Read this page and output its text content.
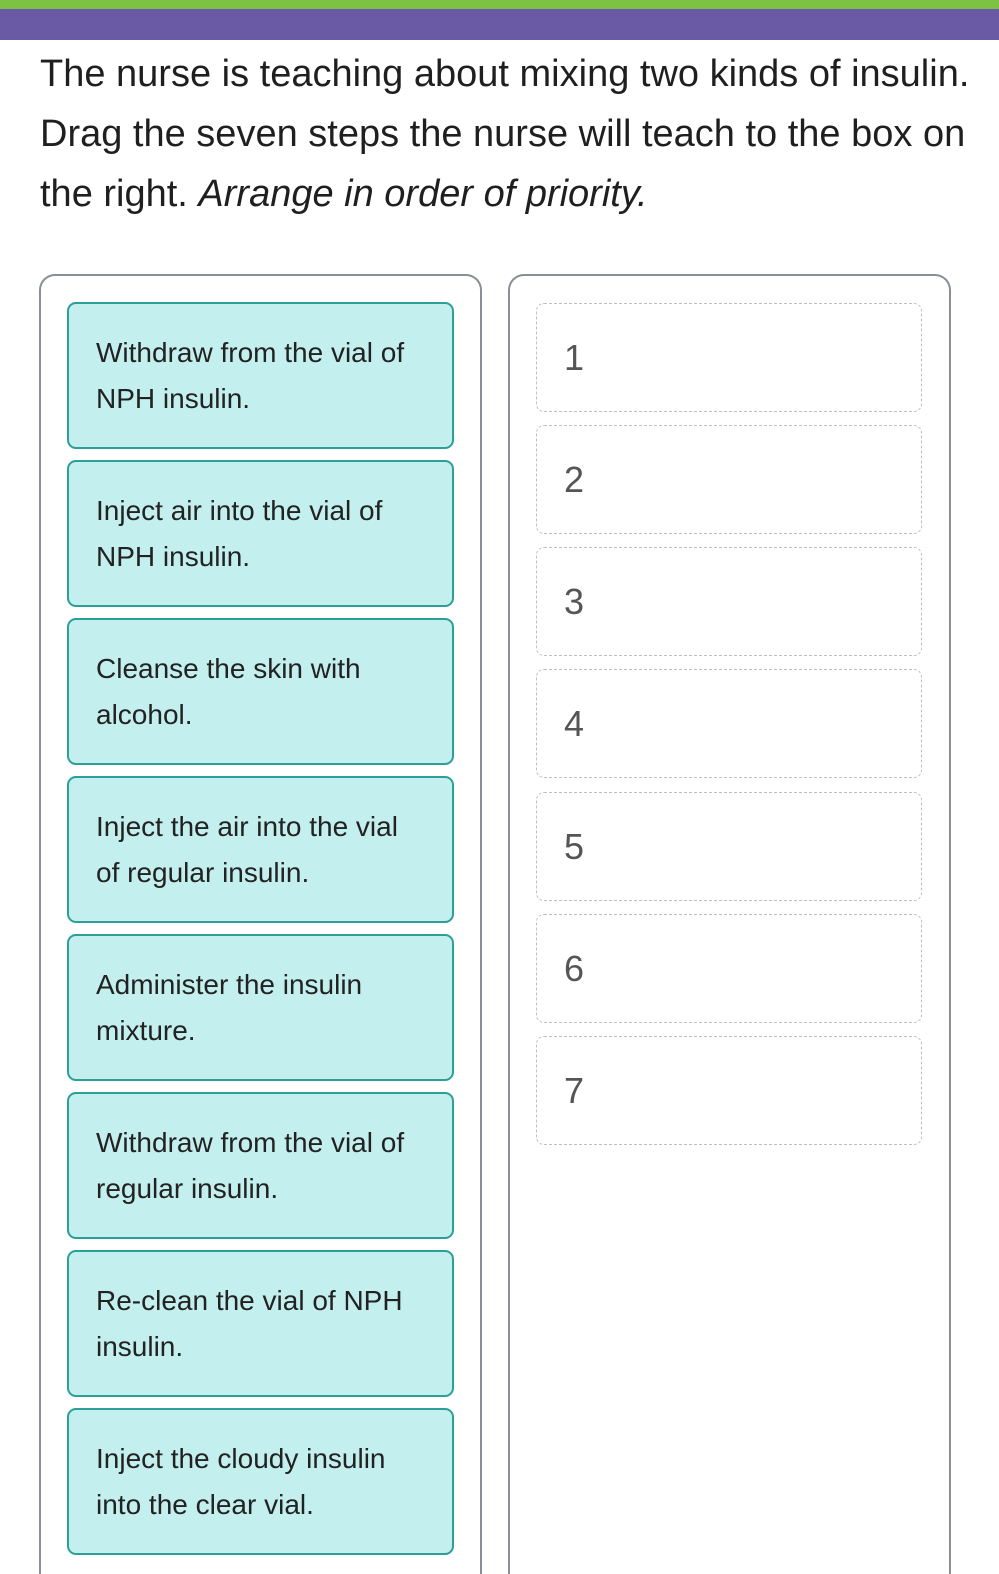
The nurse is teaching about mixing two kinds of insulin. Drag the seven steps the nurse will teach to the box on the right. Arrange in order of priority.
Withdraw from the vial of NPH insulin.
Inject air into the vial of NPH insulin.
Cleanse the skin with alcohol.
Inject the air into the vial of regular insulin.
Administer the insulin mixture.
Withdraw from the vial of regular insulin.
Re-clean the vial of NPH insulin.
Inject the cloudy insulin into the clear vial.
1
2
3
4
5
6
7
